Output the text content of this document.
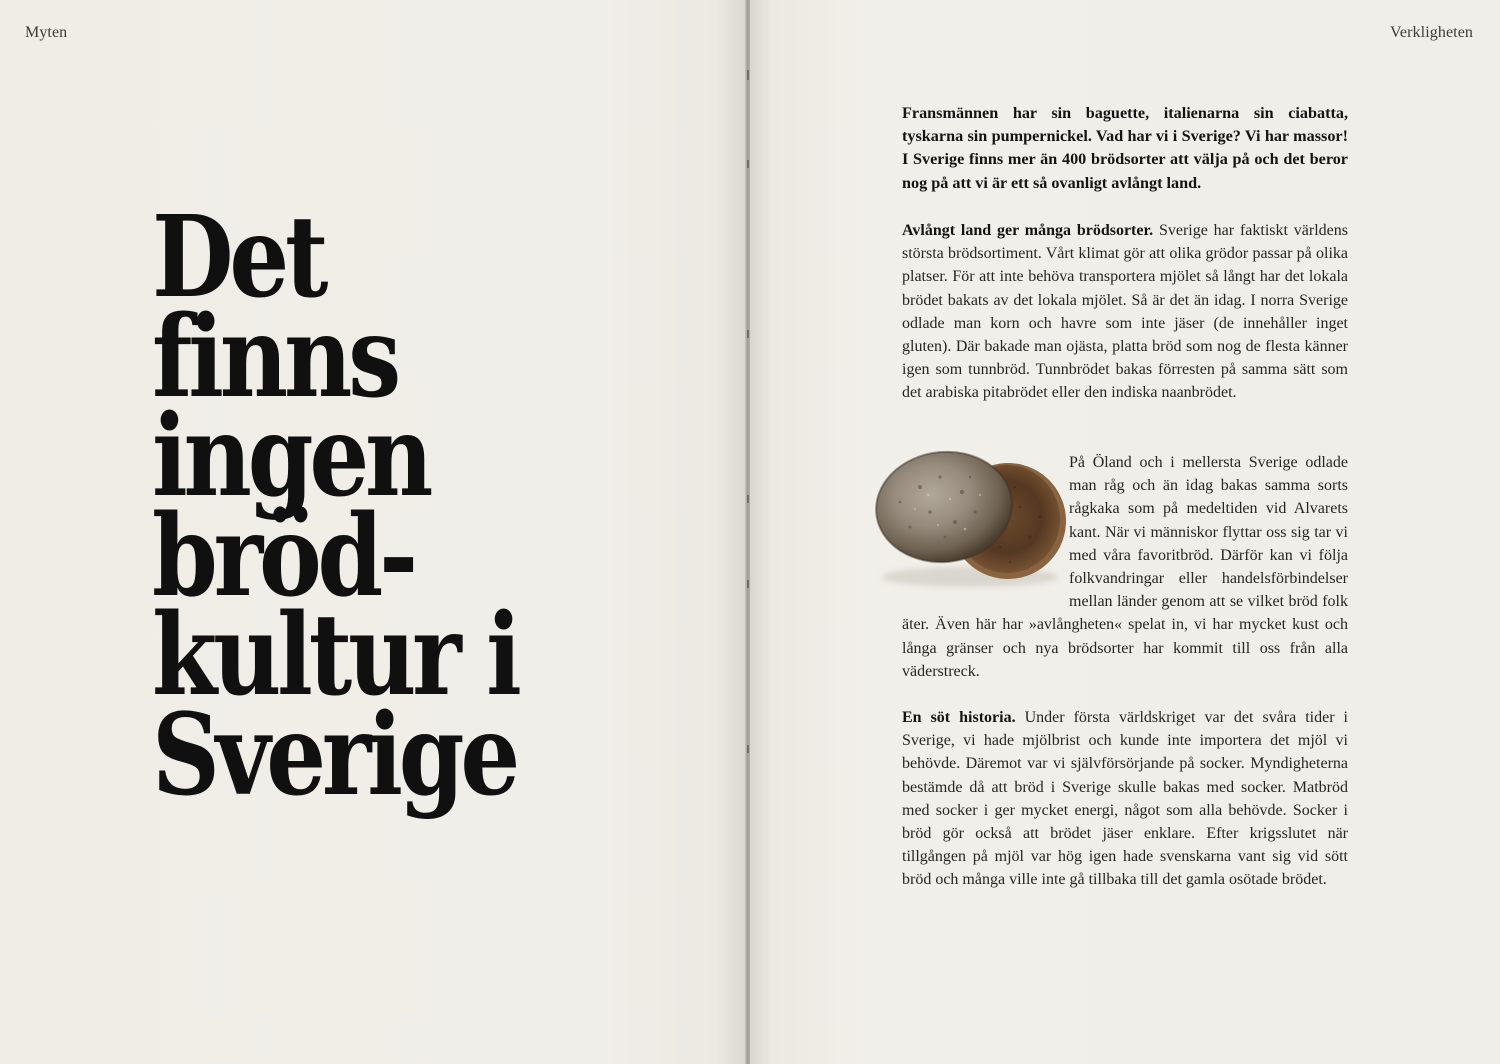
Myten
Det
finns
ingen
bröd-
kultur i
Sverige
Verkligheten

Fransmännen har sin baguette, italienarna sin ciabatta, tyskarna sin pumpernickel. Vad har vi i Sverige? Vi har massor! I Sverige finns mer än 400 brödsorter att välja på och det beror nog på att vi är ett så ovanligt avlångt land.

Avlångt land ger många brödsorter. Sverige har faktiskt världens största brödsortiment. Vårt klimat gör att olika grödor passar på olika platser. För att inte behöva transportera mjölet så långt har det lokala brödet bakats av det lokala mjölet. Så är det än idag. I norra Sverige odlade man korn och havre som inte jäser (de innehåller inget gluten). Där bakade man ojästa, platta bröd som nog de flesta känner igen som tunnbröd. Tunnbrödet bakas förresten på samma sätt som det arabiska pitabrödet eller den indiska naanbrödet.

På Öland och i mellersta Sverige odlade man råg och än idag bakas samma sorts rågkaka som på medeltiden vid Alvarets kant. När vi människor flyttar oss sig tar vi med våra favoritbröd. Därför kan vi följa folkvandringar eller handelsförbindelser mellan länder genom att se vilket bröd folk äter. Även här har »avlångheten« spelat in, vi har mycket kust och långa gränser och nya brödsorter har kommit till oss från alla väderstreck.

En söt historia. Under första världskriget var det svåra tider i Sverige, vi hade mjölbrist och kunde inte importera det mjöl vi behövde. Däremot var vi självförsörjande på socker. Myndigheterna bestämde då att bröd i Sverige skulle bakas med socker. Matbröd med socker i ger mycket energi, något som alla behövde. Socker i bröd gör också att brödet jäser enklare. Efter krigsslutet när tillgången på mjöl var hög igen hade svenskarna vant sig vid sött bröd och många ville inte gå tillbaka till det gamla osötade brödet.
